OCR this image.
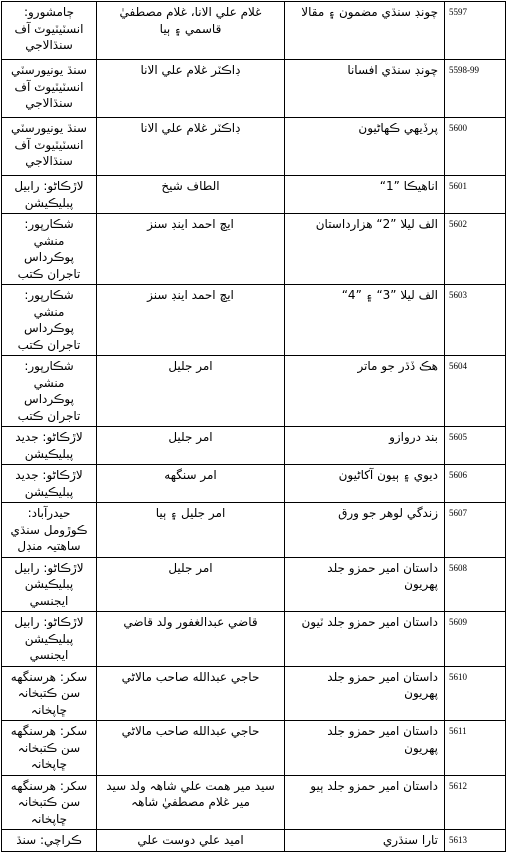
ڄامشورو: انسٽيٽيوٽ آف سنڌالاجي	غلام علي الانا، غلام مصطفيٰ قاسمي ۽ ٻيا	چونڊ سنڌي مضمون ۽ مقالا	5597
سنڌ يونيورسٽي انسٽيٽيوٽ آف سنڌالاجي	ڊاڪٽر غلام علي الانا	چونڊ سنڌي افسانا	5598-99
سنڌ يونيورسٽي انسٽيٽيوٽ آف سنڌالاجي	ڊاڪٽر غلام علي الانا	پرڏيهي ڪهاڻيون	5600
لاڙڪاڻو: رابيل پبليڪيشن	الطاف شيخ	اناهيڪا ”1“	5601
شڪارپور: منشي پوڪرداس تاجران ڪتب	ايڇ احمد اينڊ سنز	الف ليلا ”2“ هزارداستان	5602
شڪارپور: منشي پوڪرداس تاجران ڪتب	ايڇ احمد اينڊ سنز	الف ليلا ”3“ ۽ ”4“	5603
شڪارپور: منشي پوڪرداس تاجران ڪتب	امر جليل	هڪ ڏڌر جو ماتر	5604
لاڙڪاڻو: جديد پبليڪيشن	امر جليل	بند دروازو	5605
لاڙڪاڻو: جديد پبليڪيشن	امر سنگهه	ديوي ۽ ٻيون آکاڻيون	5606
حيدرآباد: ڪوڙومل سنڌي ساهتيہ منڊل	امر جليل ۽ ٻيا	زندگي لوهر جو ورق	5607
لاڙڪاڻو: رابيل پبليڪيشن ايجنسي	امر جليل	داستان امير حمزو جلد پهريون	5608
لاڙڪاڻو: رابيل پبليڪيشن ايجنسي	قاضي عبدالغفور ولد قاضي	داستان امير حمزو جلد ٽيون	5609
سکر: هرسنگهه سن ڪتبخانہ ڇاپخانہ	حاجي عبدالله صاحب مالاڻي	داستان امير حمزو جلد پهريون	5610
سکر: هرسنگهه سن ڪتبخانہ ڇاپخانہ	حاجي عبدالله صاحب مالاڻي	داستان امير حمزو جلد پهريون	5611
سکر: هرسنگهه سن ڪتبخانہ ڇاپخانہ	سيد مير همت علي شاهہ ولد سيد مير غلام مصطفيٰ شاهہ	داستان امير حمزو جلد ٻيو	5612
ڪراچي: سنڌ	اميد علي دوست علي	تارا سنڌري	5613
